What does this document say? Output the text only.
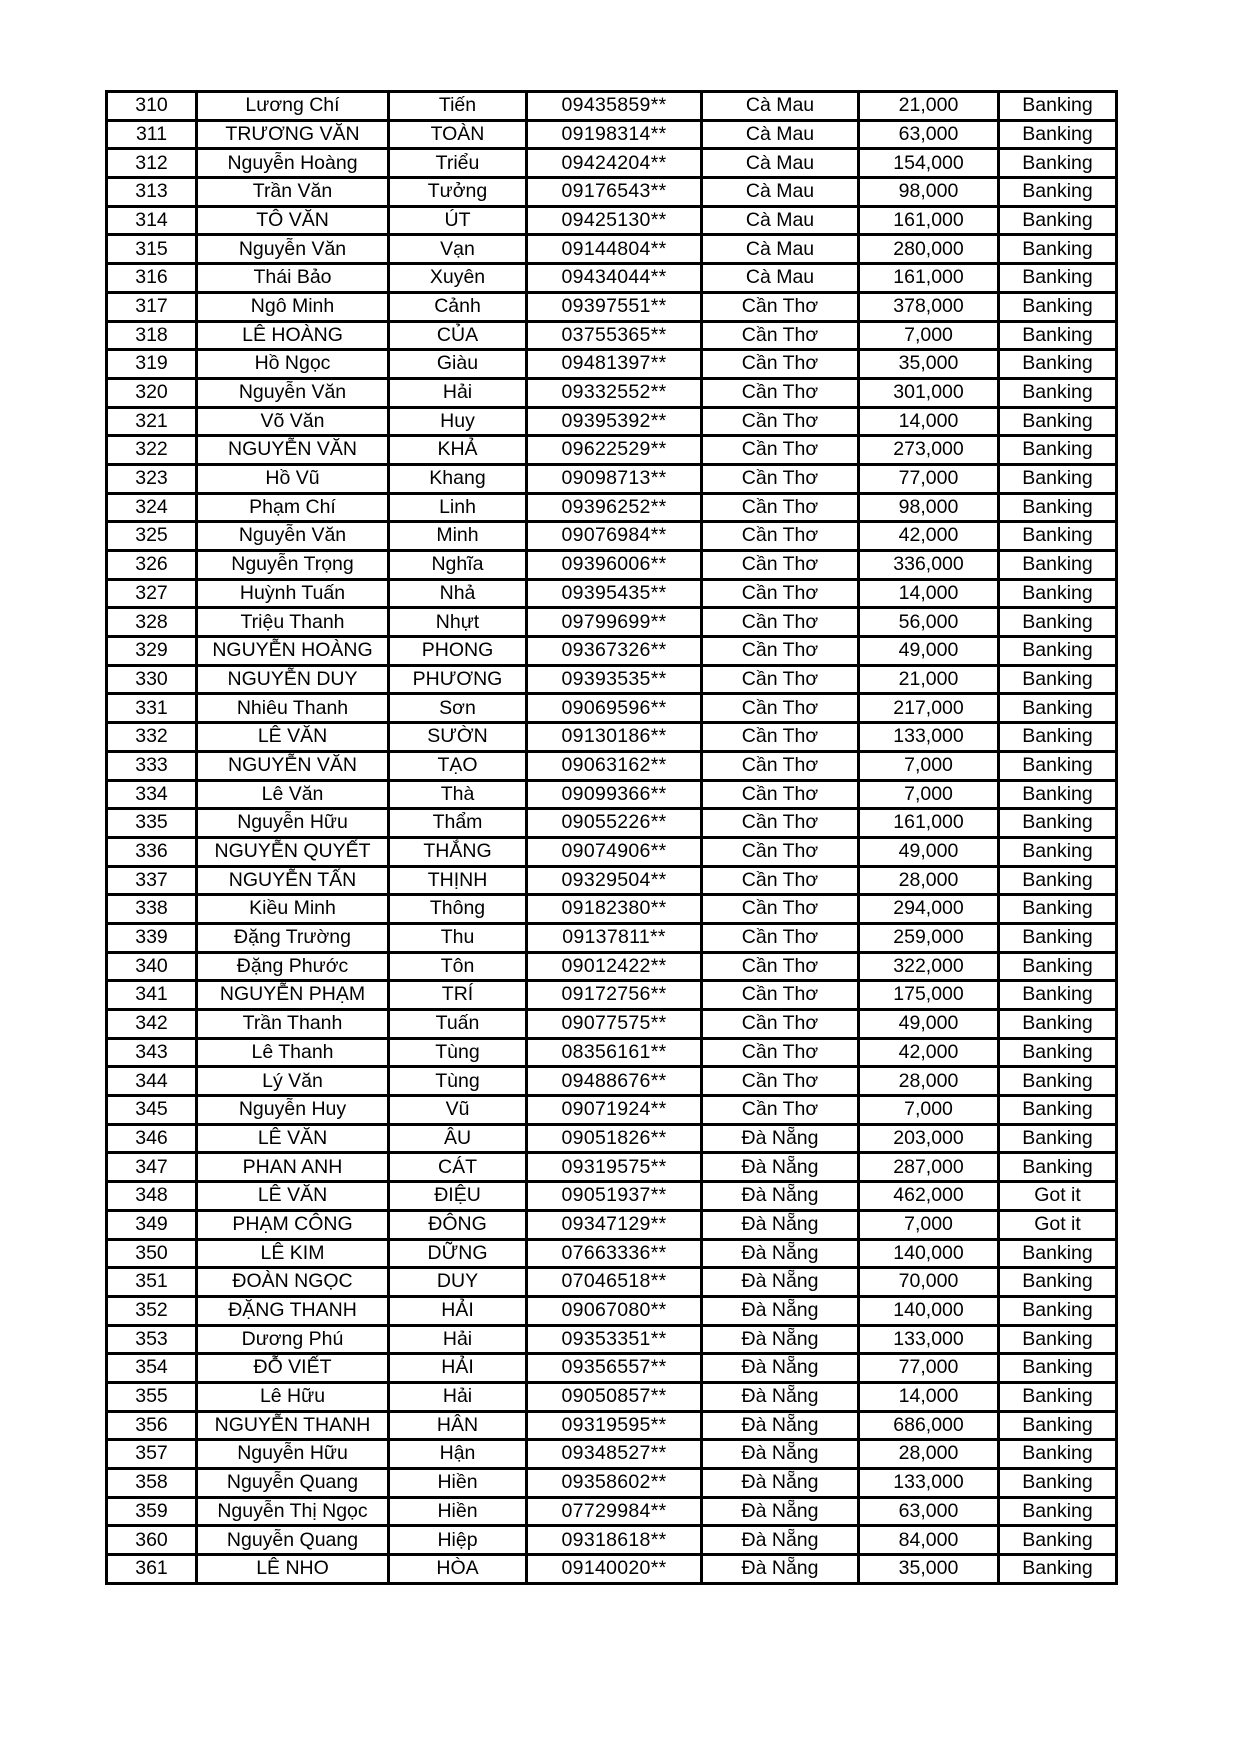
310	Lương Chí	Tiến	09435859**	Cà Mau	21,000	Banking
311	TRƯƠNG VĂN	TOÀN	09198314**	Cà Mau	63,000	Banking
312	Nguyễn Hoàng	Triểu	09424204**	Cà Mau	154,000	Banking
313	Trần Văn	Tưởng	09176543**	Cà Mau	98,000	Banking
314	TÔ VĂN	ÚT	09425130**	Cà Mau	161,000	Banking
315	Nguyễn Văn	Vạn	09144804**	Cà Mau	280,000	Banking
316	Thái Bảo	Xuyên	09434044**	Cà Mau	161,000	Banking
317	Ngô Minh	Cảnh	09397551**	Cần Thơ	378,000	Banking
318	LÊ HOÀNG	CỦA	03755365**	Cần Thơ	7,000	Banking
319	Hồ Ngọc	Giàu	09481397**	Cần Thơ	35,000	Banking
320	Nguyễn Văn	Hải	09332552**	Cần Thơ	301,000	Banking
321	Võ Văn	Huy	09395392**	Cần Thơ	14,000	Banking
322	NGUYỄN VĂN	KHẢ	09622529**	Cần Thơ	273,000	Banking
323	Hồ Vũ	Khang	09098713**	Cần Thơ	77,000	Banking
324	Phạm Chí	Linh	09396252**	Cần Thơ	98,000	Banking
325	Nguyễn Văn	Minh	09076984**	Cần Thơ	42,000	Banking
326	Nguyễn Trọng	Nghĩa	09396006**	Cần Thơ	336,000	Banking
327	Huỳnh Tuấn	Nhả	09395435**	Cần Thơ	14,000	Banking
328	Triệu Thanh	Nhựt	09799699**	Cần Thơ	56,000	Banking
329	NGUYỄN HOÀNG	PHONG	09367326**	Cần Thơ	49,000	Banking
330	NGUYỄN DUY	PHƯƠNG	09393535**	Cần Thơ	21,000	Banking
331	Nhiêu Thanh	Sơn	09069596**	Cần Thơ	217,000	Banking
332	LÊ VĂN	SƯỜN	09130186**	Cần Thơ	133,000	Banking
333	NGUYỄN VĂN	TẠO	09063162**	Cần Thơ	7,000	Banking
334	Lê Văn	Thà	09099366**	Cần Thơ	7,000	Banking
335	Nguyễn Hữu	Thẩm	09055226**	Cần Thơ	161,000	Banking
336	NGUYỄN QUYẾT	THẮNG	09074906**	Cần Thơ	49,000	Banking
337	NGUYỄN TẤN	THỊNH	09329504**	Cần Thơ	28,000	Banking
338	Kiều Minh	Thông	09182380**	Cần Thơ	294,000	Banking
339	Đặng Trường	Thu	09137811**	Cần Thơ	259,000	Banking
340	Đặng Phước	Tôn	09012422**	Cần Thơ	322,000	Banking
341	NGUYỄN PHẠM	TRÍ	09172756**	Cần Thơ	175,000	Banking
342	Trần Thanh	Tuấn	09077575**	Cần Thơ	49,000	Banking
343	Lê Thanh	Tùng	08356161**	Cần Thơ	42,000	Banking
344	Lý Văn	Tùng	09488676**	Cần Thơ	28,000	Banking
345	Nguyễn Huy	Vũ	09071924**	Cần Thơ	7,000	Banking
346	LÊ VĂN	ÂU	09051826**	Đà Nẵng	203,000	Banking
347	PHAN ANH	CÁT	09319575**	Đà Nẵng	287,000	Banking
348	LÊ VĂN	ĐIỆU	09051937**	Đà Nẵng	462,000	Got it
349	PHẠM CÔNG	ĐÔNG	09347129**	Đà Nẵng	7,000	Got it
350	LÊ KIM	DỮNG	07663336**	Đà Nẵng	140,000	Banking
351	ĐOÀN NGỌC	DUY	07046518**	Đà Nẵng	70,000	Banking
352	ĐẶNG THANH	HẢI	09067080**	Đà Nẵng	140,000	Banking
353	Dương Phú	Hải	09353351**	Đà Nẵng	133,000	Banking
354	ĐỖ VIẾT	HẢI	09356557**	Đà Nẵng	77,000	Banking
355	Lê Hữu	Hải	09050857**	Đà Nẵng	14,000	Banking
356	NGUYỄN THANH	HÂN	09319595**	Đà Nẵng	686,000	Banking
357	Nguyễn Hữu	Hận	09348527**	Đà Nẵng	28,000	Banking
358	Nguyễn Quang	Hiền	09358602**	Đà Nẵng	133,000	Banking
359	Nguyễn Thị Ngọc	Hiền	07729984**	Đà Nẵng	63,000	Banking
360	Nguyễn Quang	Hiệp	09318618**	Đà Nẵng	84,000	Banking
361	LÊ NHO	HÒA	09140020**	Đà Nẵng	35,000	Banking
